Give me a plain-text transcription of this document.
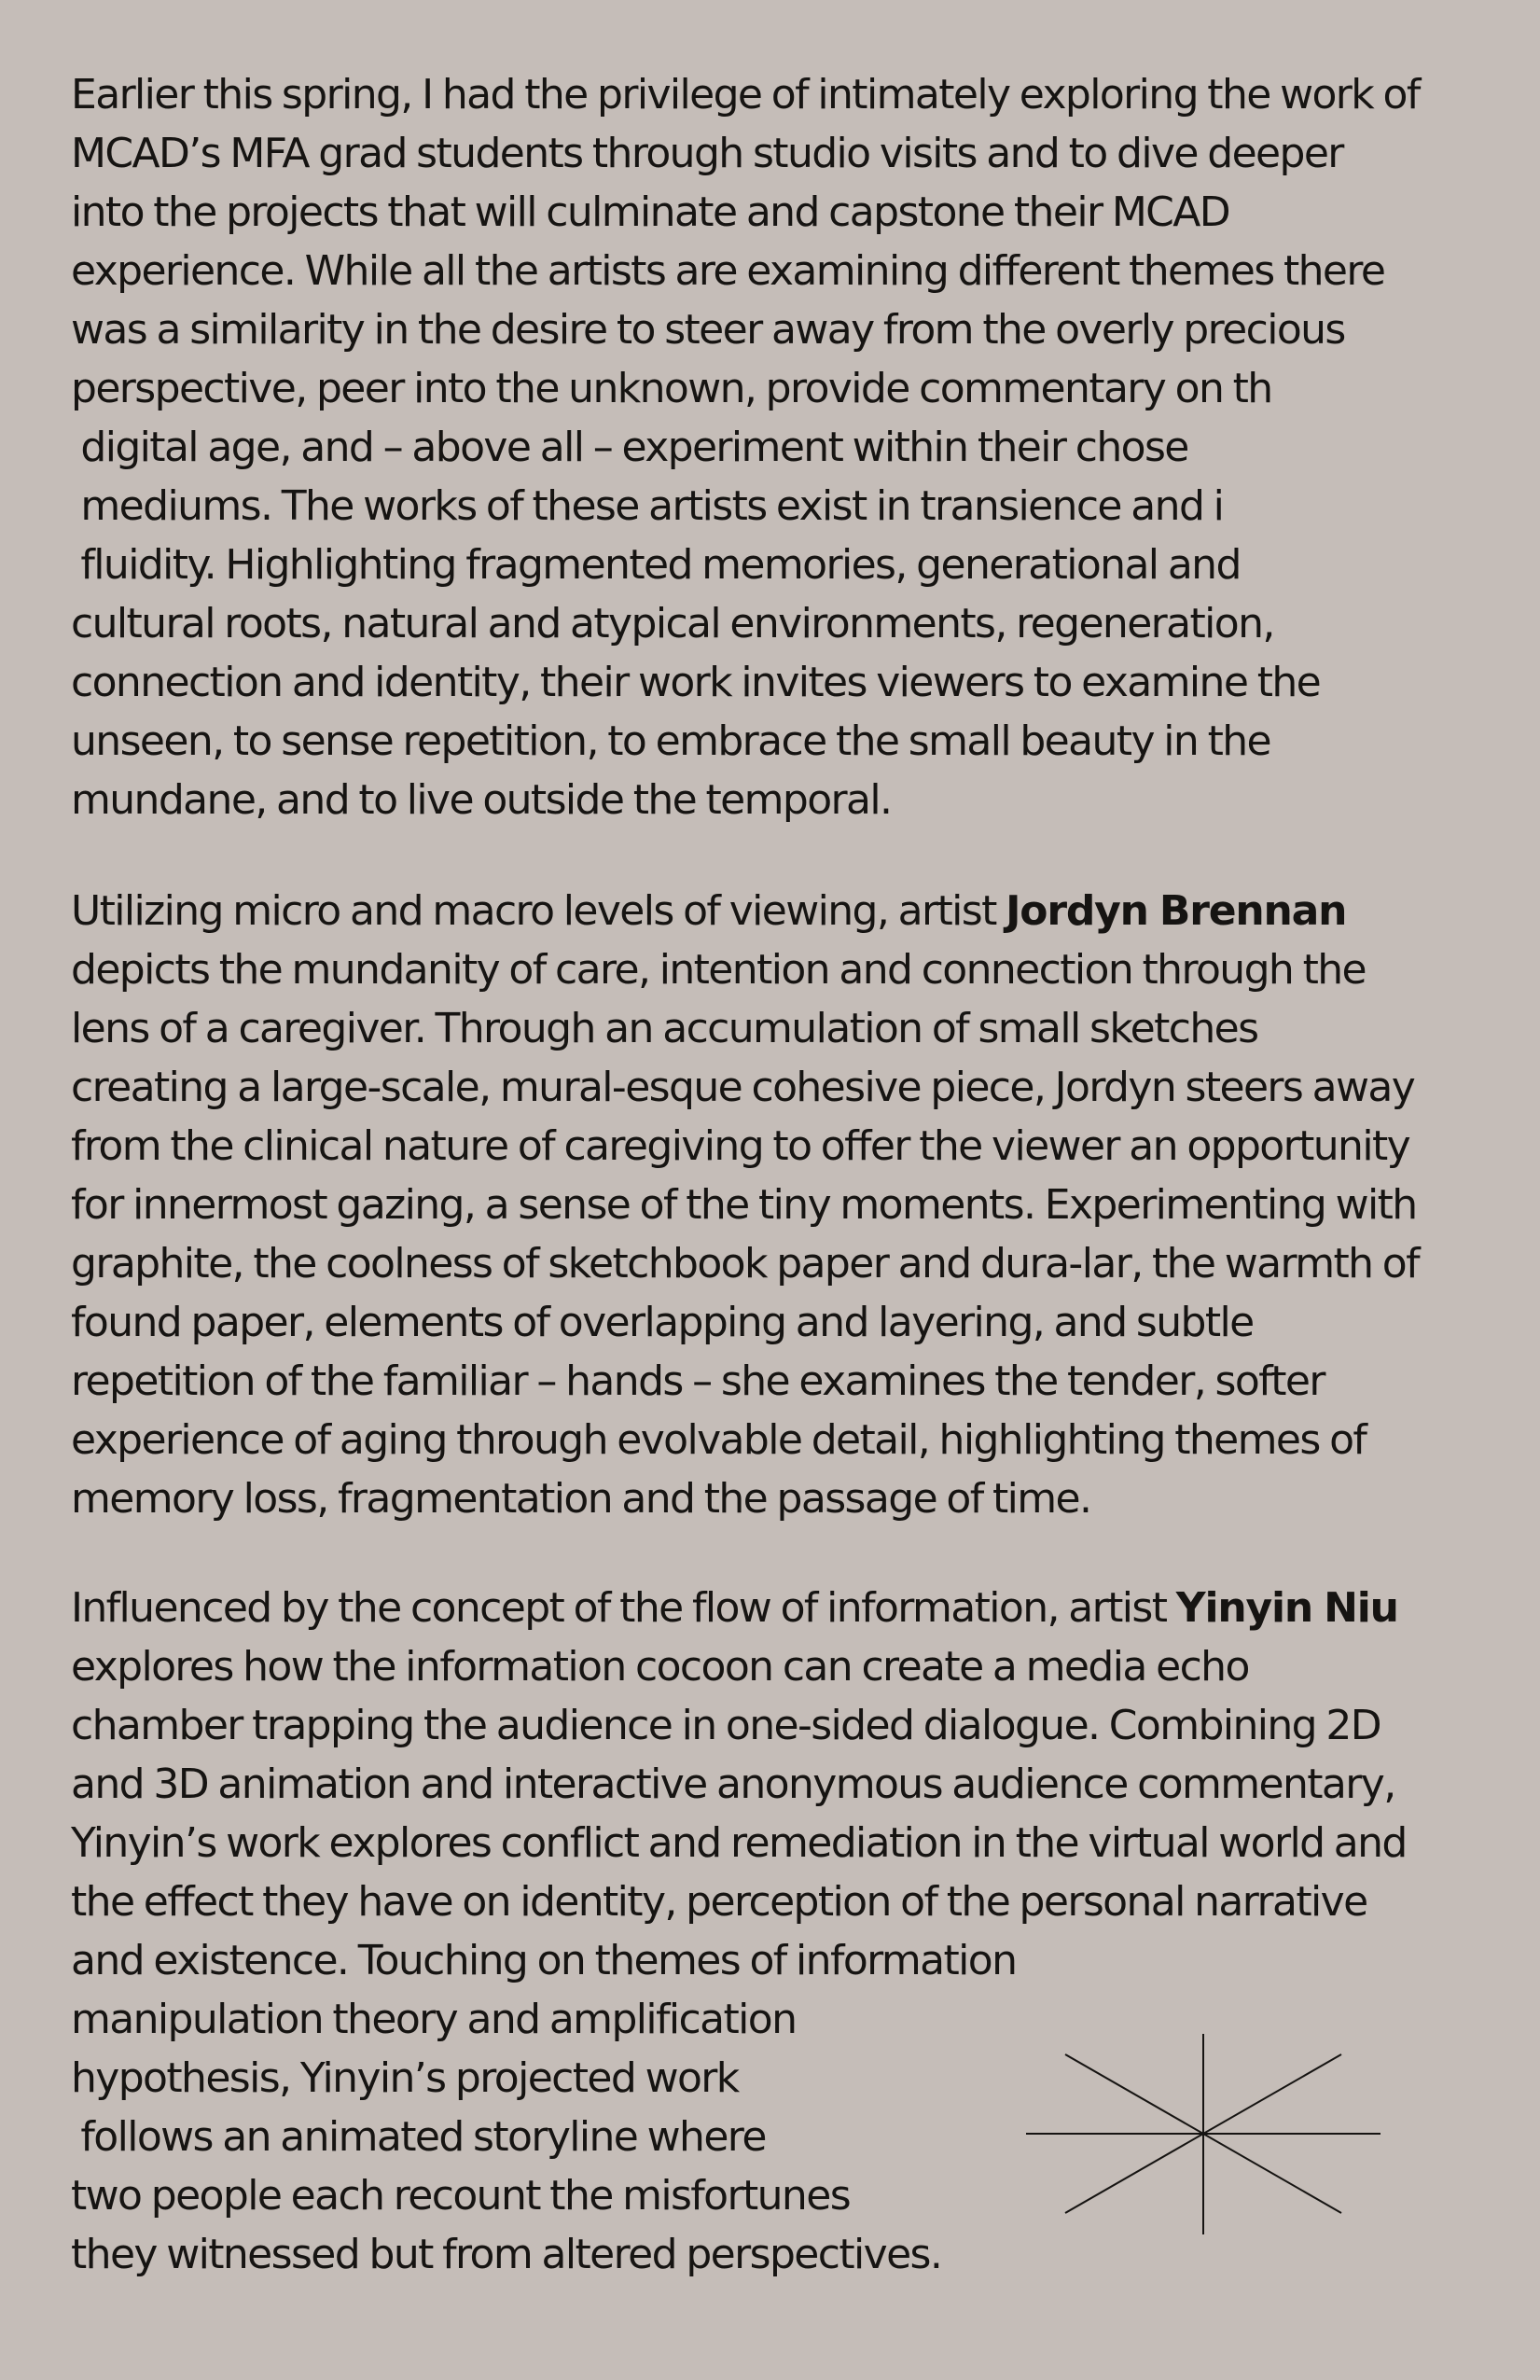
Earlier this spring, I had the privilege of intimately exploring the work of
MCAD’s MFA grad students through studio visits and to dive deeper
into the projects that will culminate and capstone their MCAD
experience. While all the artists are examining different themes there
was a similarity in the desire to steer away from the overly precious
perspective, peer into the unknown, provide commentary on th
digital age, and – above all – experiment within their chose
mediums. The works of these artists exist in transience and i
fluidity. Highlighting fragmented memories, generational and
cultural roots, natural and atypical environments, regeneration,
connection and identity, their work invites viewers to examine the
unseen, to sense repetition, to embrace the small beauty in the
mundane, and to live outside the temporal.
Utilizing micro and macro levels of viewing, artist Jordyn Brennan
depicts the mundanity of care, intention and connection through the
lens of a caregiver. Through an accumulation of small sketches
creating a large-scale, mural-esque cohesive piece, Jordyn steers away
from the clinical nature of caregiving to offer the viewer an opportunity
for innermost gazing, a sense of the tiny moments. Experimenting with
graphite, the coolness of sketchbook paper and dura-lar, the warmth of
found paper, elements of overlapping and layering, and subtle
repetition of the familiar – hands – she examines the tender, softer
experience of aging through evolvable detail, highlighting themes of
memory loss, fragmentation and the passage of time.
Influenced by the concept of the flow of information, artist Yinyin Niu
explores how the information cocoon can create a media echo
chamber trapping the audience in one-sided dialogue. Combining 2D
and 3D animation and interactive anonymous audience commentary,
Yinyin’s work explores conflict and remediation in the virtual world and
the effect they have on identity, perception of the personal narrative
and existence. Touching on themes of information
manipulation theory and amplification
hypothesis, Yinyin’s projected work
follows an animated storyline where
two people each recount the misfortunes
they witnessed but from altered perspectives.
